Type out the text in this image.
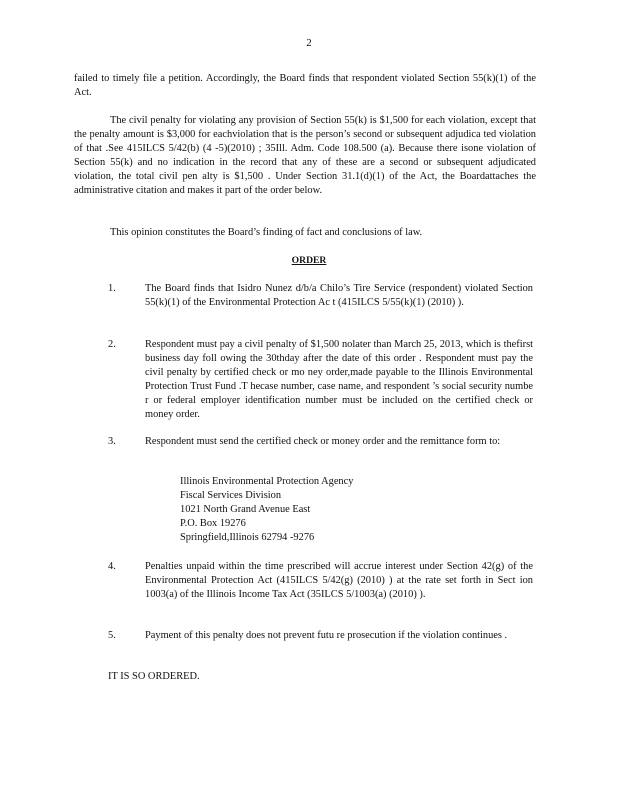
2

failed to timely file a petition. Accordingly, the Board finds that respondent violated Section 55(k)(1) of the Act.

The civil penalty for violating any provision of Section 55(k) is $1,500 for each violation, except that the penalty amount is $3,000 for eachviolation that is the person’s second or subsequent adjudica ted violation of that .See 415ILCS 5/42(b) (4 -5)(2010) ; 35Ill. Adm. Code 108.500 (a). Because there isone violation of Section 55(k) and no indication in the record that any of these are a second or subsequent adjudicated violation, the total civil pen alty is $1,500 . Under Section 31.1(d)(1) of the Act, the Boardattaches the administrative citation and makes it part of the order below.

This opinion constitutes the Board’s finding of fact and conclusions of law.

ORDER
1.	The Board finds that Isidro Nunez d/b/a Chilo’s Tire Service (respondent) violated Section 55(k)(1) of the Environmental Protection Ac t (415ILCS 5/55(k)(1) (2010) ).
2.	Respondent must pay a civil penalty of $1,500 nolater than March 25, 2013, which is thefirst business day foll owing the 30thday after the date of this order . Respondent must pay the civil penalty by certified check or mo ney order,made payable to the Illinois Environmental Protection Trust Fund .T hecase number, case name, and respondent ’s social security numbe r or federal employer identification number must be included on the certified check or money order.
3.	Respondent must send the certified check or money order and the remittance form to:
Illinois Environmental Protection Agency
Fiscal Services Division
1021 North Grand Avenue East
P.O. Box 19276
Springfield,Illinois 62794 -9276
4.	Penalties unpaid within the time prescribed will accrue interest under Section 42(g) of the Environmental Protection Act (415ILCS 5/42(g) (2010) ) at the rate set forth in Sect ion 1003(a) of the Illinois Income Tax Act (35ILCS 5/1003(a) (2010) ).
5.	Payment of this penalty does not prevent futu re prosecution if the violation continues .
IT IS SO ORDERED.
